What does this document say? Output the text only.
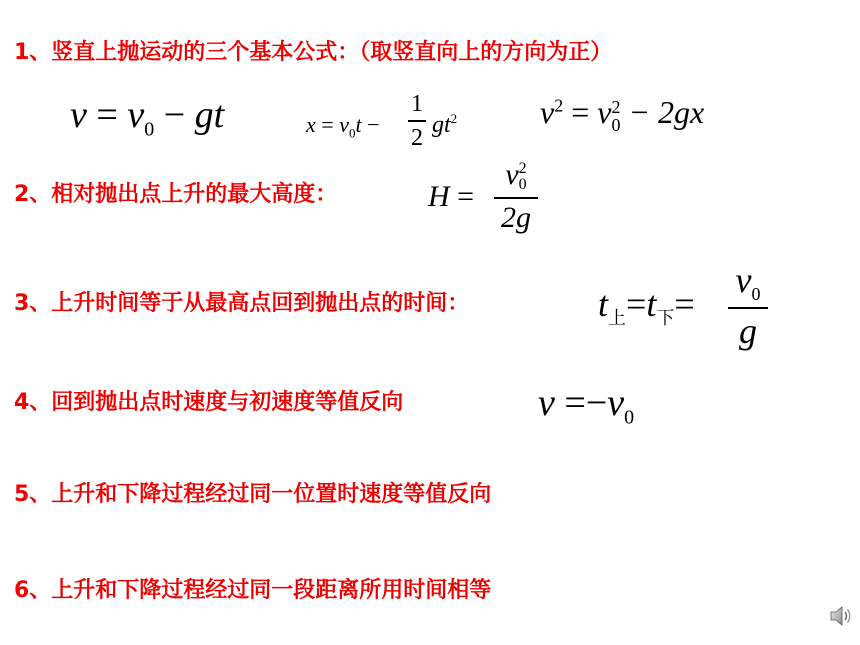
1、竖直上抛运动的三个基本公式：（取竖直向上的方向为正）
$v = v_0$ − gt	$x = v_0t$ −
1
2 $gt^2$	$v^2 = v$ 2
0 − 2gx
2、相对抛出点上升的最大高度：	H =
v 2
0
2g
3、上升时间等于从最高点回到抛出点的时间：	$t_上=t_下=$
$v_0$
g
4、回到抛出点时速度与初速度等值反向	$v =-v_0$
5、上升和下降过程经过同一位置时速度等值反向
6、上升和下降过程经过同一段距离所用时间相等
